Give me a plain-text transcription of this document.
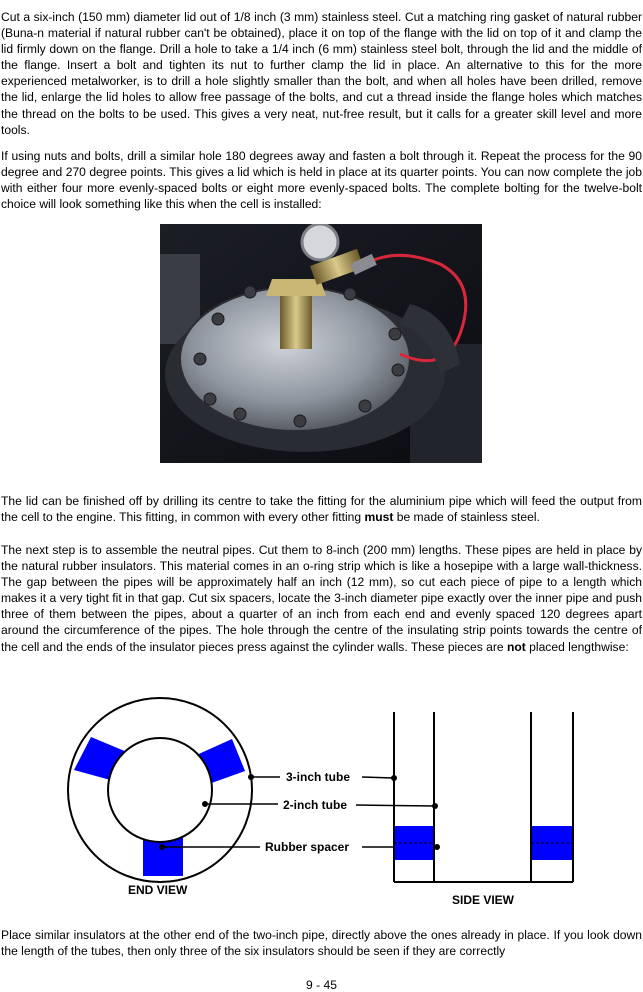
Cut a six-inch (150 mm) diameter lid out of 1/8 inch (3 mm) stainless steel. Cut a matching ring gasket of natural rubber (Buna-n material if natural rubber can't be obtained), place it on top of the flange with the lid on top of it and clamp the lid firmly down on the flange. Drill a hole to take a 1/4 inch (6 mm) stainless steel bolt, through the lid and the middle of the flange. Insert a bolt and tighten its nut to further clamp the lid in place. An alternative to this for the more experienced metalworker, is to drill a hole slightly smaller than the bolt, and when all holes have been drilled, remove the lid, enlarge the lid holes to allow free passage of the bolts, and cut a thread inside the flange holes which matches the thread on the bolts to be used. This gives a very neat, nut-free result, but it calls for a greater skill level and more tools.

If using nuts and bolts, drill a similar hole 180 degrees away and fasten a bolt through it. Repeat the process for the 90 degree and 270 degree points. This gives a lid which is held in place at its quarter points. You can now complete the job with either four more evenly-spaced bolts or eight more evenly-spaced bolts. The complete bolting for the twelve-bolt choice will look something like this when the cell is installed:

The lid can be finished off by drilling its centre to take the fitting for the aluminium pipe which will feed the output from the cell to the engine. This fitting, in common with every other fitting must be made of stainless steel.

The next step is to assemble the neutral pipes. Cut them to 8-inch (200 mm) lengths. These pipes are held in place by the natural rubber insulators. This material comes in an o-ring strip which is like a hosepipe with a large wall-thickness. The gap between the pipes will be approximately half an inch (12 mm), so cut each piece of pipe to a length which makes it a very tight fit in that gap. Cut six spacers, locate the 3-inch diameter pipe exactly over the inner pipe and push three of them between the pipes, about a quarter of an inch from each end and evenly spaced 120 degrees apart around the circumference of the pipes. The hole through the centre of the insulating strip points towards the centre of the cell and the ends of the insulator pieces press against the cylinder walls. These pieces are not placed lengthwise:

3-inch tube
2-inch tube
Rubber spacer
END VIEW
SIDE VIEW

Place similar insulators at the other end of the two-inch pipe, directly above the ones already in place. If you look down the length of the tubes, then only three of the six insulators should be seen if they are correctly

9 - 45
